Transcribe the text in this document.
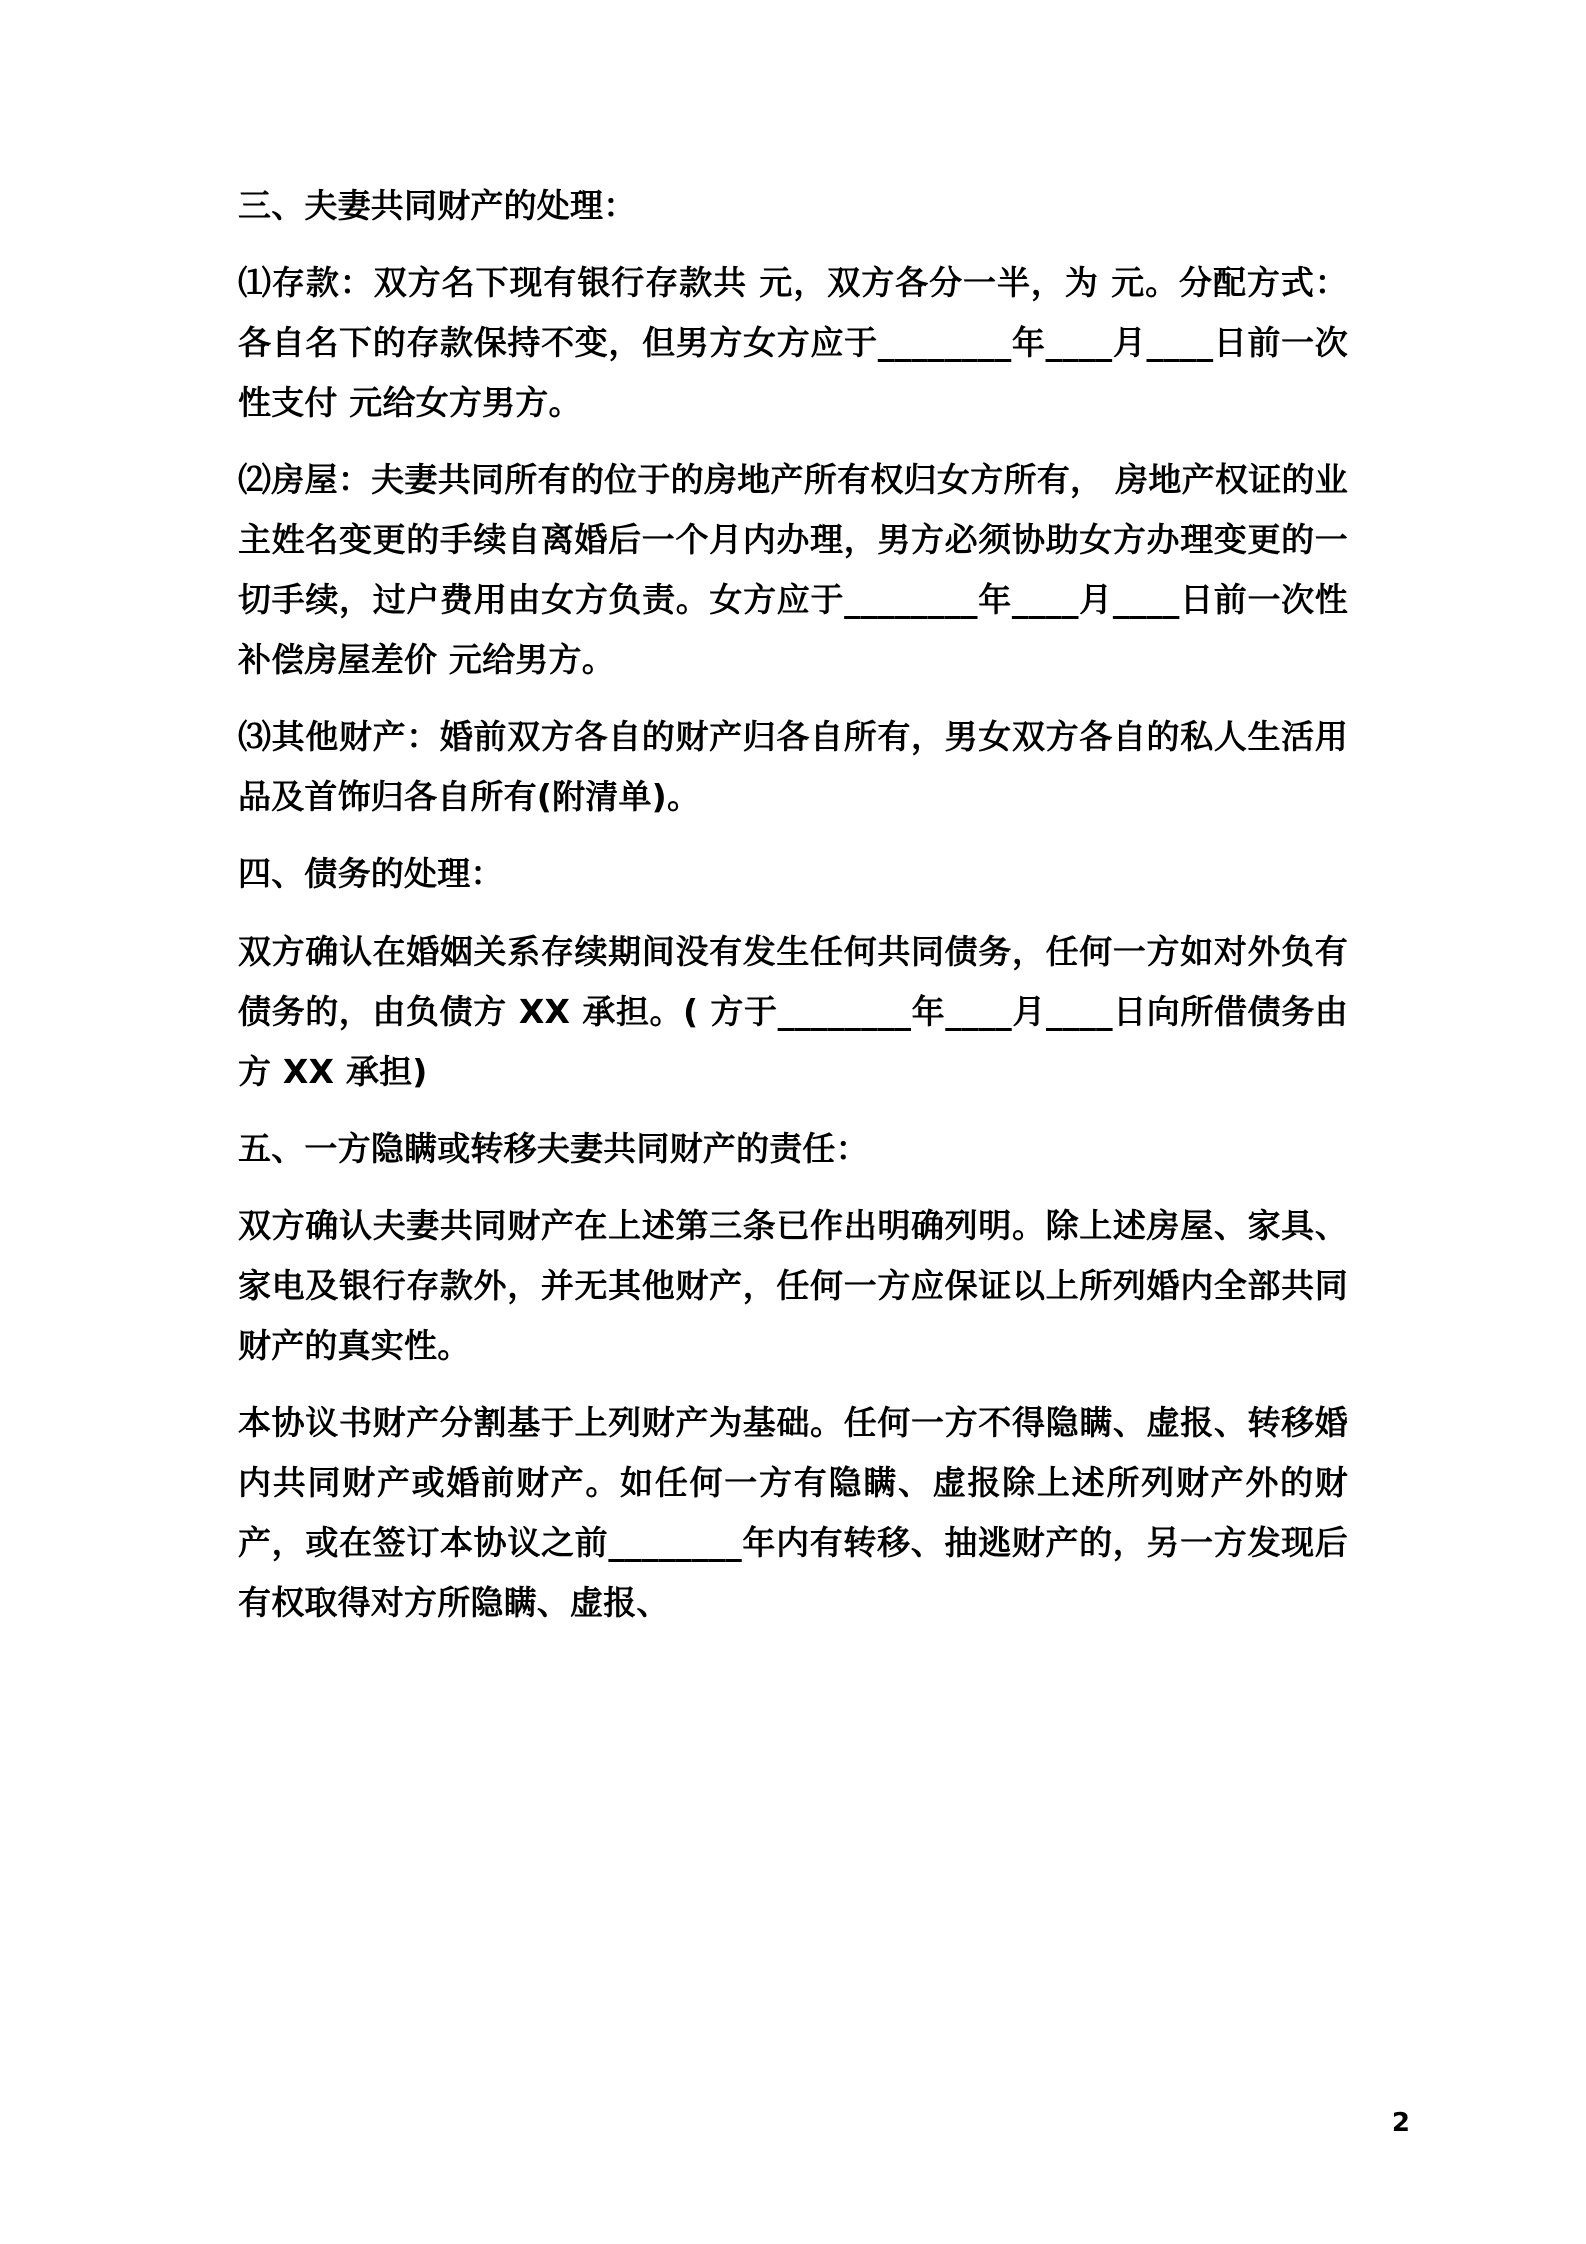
三、夫妻共同财产的处理：
⑴存款：双方名下现有银行存款共 元，双方各分一半，为 元。分配方式：各自名下的存款保持不变，但男方女方应于________年____月____日前一次性支付 元给女方男方。
⑵房屋：夫妻共同所有的位于的房地产所有权归女方所有， 房地产权证的业主姓名变更的手续自离婚后一个月内办理，男方必须协助女方办理变更的一切手续，过户费用由女方负责。女方应于________年____月____日前一次性补偿房屋差价 元给男方。
⑶其他财产：婚前双方各自的财产归各自所有，男女双方各自的私人生活用品及首饰归各自所有(附清单)。
四、债务的处理：
双方确认在婚姻关系存续期间没有发生任何共同债务，任何一方如对外负有债务的，由负债方 XX 承担。( 方于________年____月____日向所借债务由 方 XX 承担)
五、一方隐瞒或转移夫妻共同财产的责任：
双方确认夫妻共同财产在上述第三条已作出明确列明。除上述房屋、家具、家电及银行存款外，并无其他财产，任何一方应保证以上所列婚内全部共同财产的真实性。
本协议书财产分割基于上列财产为基础。任何一方不得隐瞒、虚报、转移婚内共同财产或婚前财产。如任何一方有隐瞒、虚报除上述所列财产外的财产，或在签订本协议之前________年内有转移、抽逃财产的，另一方发现后有权取得对方所隐瞒、虚报、
2
